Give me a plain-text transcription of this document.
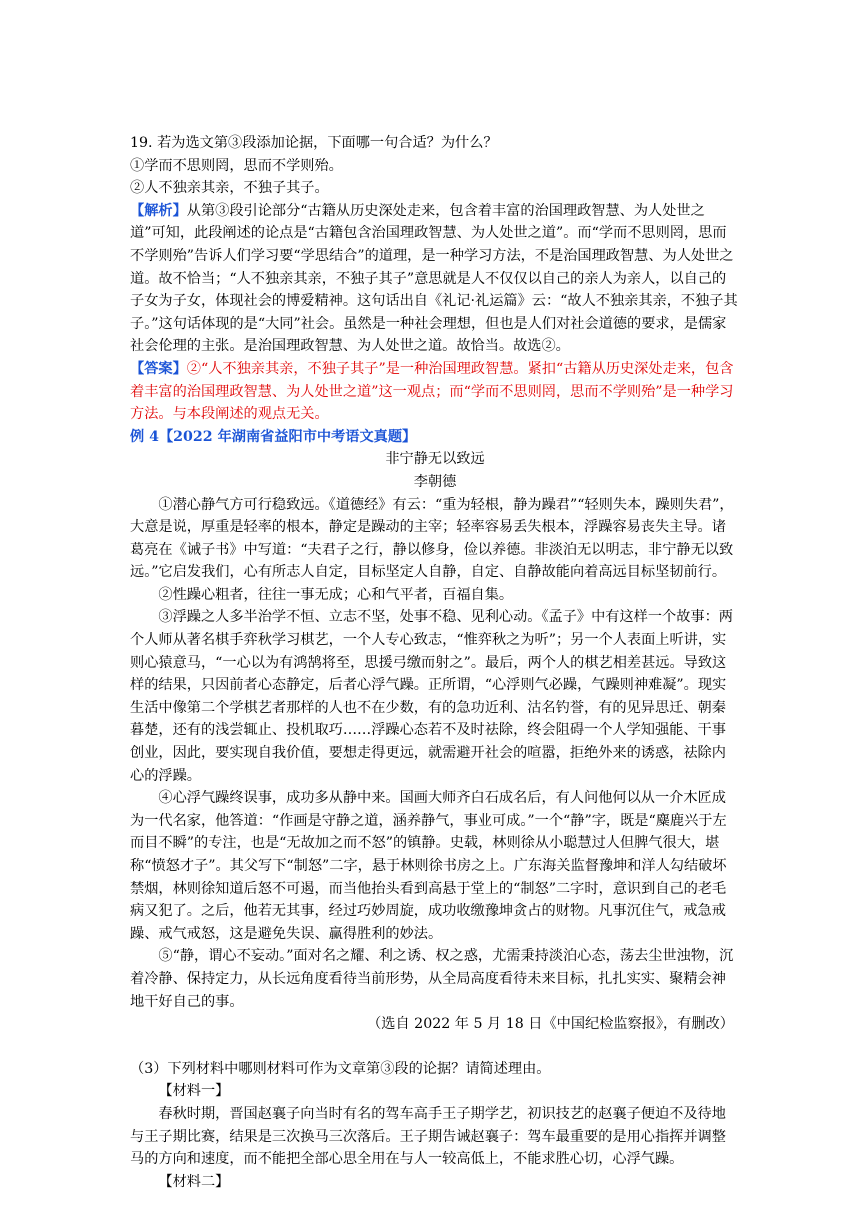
19. 若为选文第③段添加论据，下面哪一句合适？为什么？

①学而不思则罔，思而不学则殆。

②人不独亲其亲，不独子其子。

【解析】从第③段引论部分“古籍从历史深处走来，包含着丰富的治国理政智慧、为人处世之道”可知，此段阐述的论点是“古籍包含治国理政智慧、为人处世之道”。而“学而不思则罔，思而不学则殆”告诉人们学习要“学思结合”的道理，是一种学习方法，不是治国理政智慧、为人处世之道。故不恰当；“人不独亲其亲，不独子其子”意思就是人不仅仅以自己的亲人为亲人，以自己的子女为子女，体现社会的博爱精神。这句话出自《礼记·礼运篇》云：“故人不独亲其亲，不独子其子。”这句话体现的是“大同”社会。虽然是一种社会理想，但也是人们对社会道德的要求，是儒家社会伦理的主张。是治国理政智慧、为人处世之道。故恰当。故选②。

【答案】②“人不独亲其亲，不独子其子”是一种治国理政智慧。紧扣“古籍从历史深处走来，包含着丰富的治国理政智慧、为人处世之道”这一观点；而“学而不思则罔，思而不学则殆”是一种学习方法。与本段阐述的观点无关。

例 4【2022 年湖南省益阳市中考语文真题】

非宁静无以致远

李朝德

①潜心静气方可行稳致远。《道德经》有云：“重为轻根，静为躁君”“轻则失本，躁则失君”，大意是说，厚重是轻率的根本，静定是躁动的主宰；轻率容易丢失根本，浮躁容易丧失主导。诸葛亮在《诫子书》中写道：“夫君子之行，静以修身，俭以养德。非淡泊无以明志，非宁静无以致远。”它启发我们，心有所志人自定，目标坚定人自静，自定、自静故能向着高远目标坚韧前行。

②性躁心粗者，往往一事无成；心和气平者，百福自集。

③浮躁之人多半治学不恒、立志不坚，处事不稳、见利心动。《孟子》中有这样一个故事：两个人师从著名棋手弈秋学习棋艺，一个人专心致志，“惟弈秋之为听”；另一个人表面上听讲，实则心猿意马，“一心以为有鸿鹄将至，思援弓缴而射之”。最后，两个人的棋艺相差甚远。导致这样的结果，只因前者心态静定，后者心浮气躁。正所谓，“心浮则气必躁，气躁则神难凝”。现实生活中像第二个学棋艺者那样的人也不在少数，有的急功近利、沽名钓誉，有的见异思迁、朝秦暮楚，还有的浅尝辄止、投机取巧……浮躁心态若不及时祛除，终会阻碍一个人学知强能、干事创业，因此，要实现自我价值，要想走得更远，就需避开社会的喧嚣，拒绝外来的诱惑，祛除内心的浮躁。

④心浮气躁终误事，成功多从静中来。国画大师齐白石成名后，有人问他何以从一介木匠成为一代名家，他答道：“作画是守静之道，涵养静气，事业可成。”一个“静”字，既是“麋鹿兴于左而目不瞬”的专注，也是“无故加之而不怒”的镇静。史载，林则徐从小聪慧过人但脾气很大，堪称“愤怒才子”。其父写下“制怒”二字，悬于林则徐书房之上。广东海关监督豫坤和洋人勾结破坏禁烟，林则徐知道后怒不可遏，而当他抬头看到高悬于堂上的“制怒”二字时，意识到自己的老毛病又犯了。之后，他若无其事，经过巧妙周旋，成功收缴豫坤贪占的财物。凡事沉住气，戒急戒躁、戒气戒怒，这是避免失误、赢得胜利的妙法。

⑤“静，谓心不妄动。”面对名之耀、利之诱、权之惑，尤需秉持淡泊心态，荡去尘世浊物，沉着冷静、保持定力，从长远角度看待当前形势，从全局高度看待未来目标，扎扎实实、聚精会神地干好自己的事。

（选自 2022 年 5 月 18 日《中国纪检监察报》，有删改）

（3）下列材料中哪则材料可作为文章第③段的论据？请简述理由。

【材料一】

春秋时期，晋国赵襄子向当时有名的驾车高手王子期学艺，初识技艺的赵襄子便迫不及待地与王子期比赛，结果是三次换马三次落后。王子期告诫赵襄子：驾车最重要的是用心指挥并调整马的方向和速度，而不能把全部心思全用在与人一较高低上，不能求胜心切，心浮气躁。

【材料二】
